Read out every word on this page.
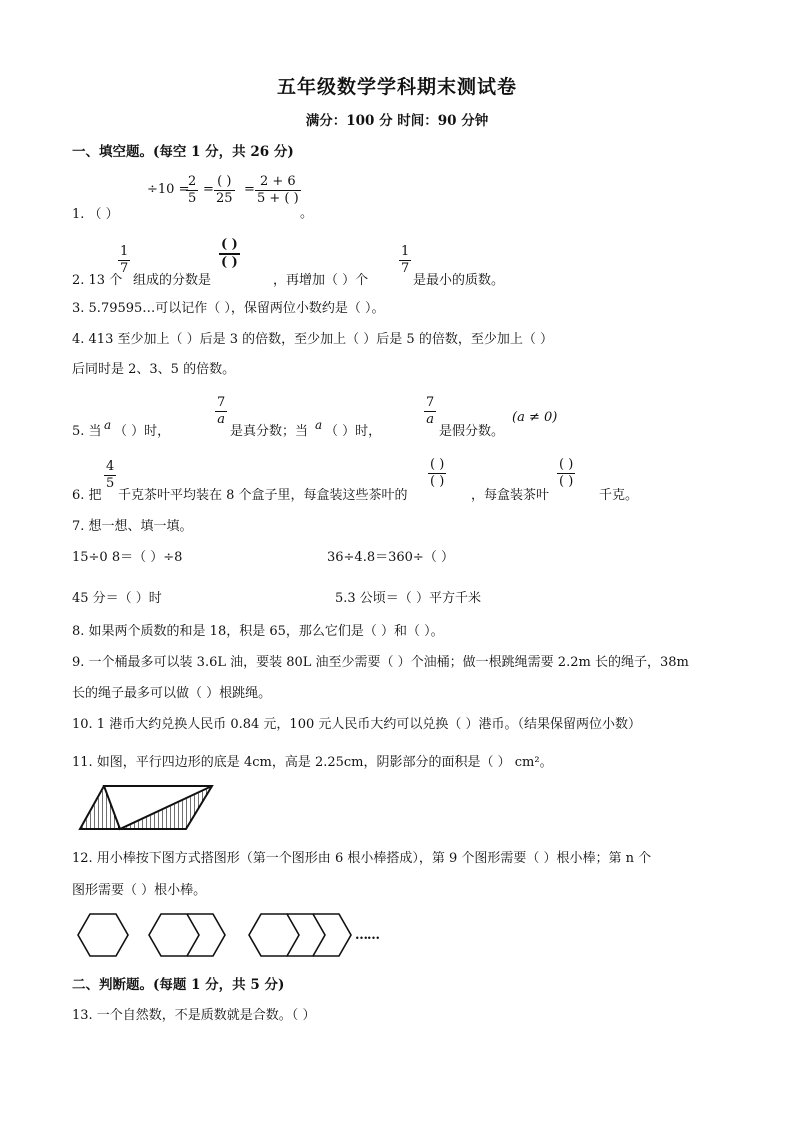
五年级数学学科期末测试卷
满分：100 分 时间：90 分钟
一、填空题。(每空 1 分，共 26 分)
1. （ ）
÷10 =
$\frac{2}{5}$ =
( )
25
= $\frac{2 + 6}{5 + ( )}$
。
2. 13 个
$\frac{1}{7}$
组成的分数是
( )
( )
，再增加（ ）个
$\frac{1}{7}$
是最小的质数。
3. 5.79595…可以记作（ ），保留两位小数约是（ ）。
4. 413 至少加上（ ）后是 3 的倍数，至少加上（ ）后是 5 的倍数，至少加上（ ）
后同时是 2、3、5 的倍数。
5. 当 a （ ）时，
$\frac{7}{a}$
是真分数；当 a （ ）时，
$\frac{7}{a}$
是假分数。
(a ≠ 0)
6. 把
$\frac{4}{5}$
千克茶叶平均装在 8 个盒子里，每盒装这些茶叶的
( )
( )
，每盒装茶叶
( )
( )
千克。
7. 想一想、填一填。
15÷0 8＝（ ）÷8	36÷4.8＝360÷（ ）
45 分＝（ ）时	5.3 公顷＝（ ）平方千米
8. 如果两个质数的和是 18，积是 65，那么它们是（ ）和（ ）。
9. 一个桶最多可以装 3.6L 油，要装 80L 油至少需要（ ）个油桶；做一根跳绳需要 2.2m 长的绳子，38m
长的绳子最多可以做（ ）根跳绳。
10. 1 港币大约兑换人民币 0.84 元，100 元人民币大约可以兑换（ ）港币。（结果保留两位小数）
11. 如图，平行四边形的底是 4cm，高是 2.25cm，阴影部分的面积是（ ） cm²。
12. 用小棒按下图方式搭图形（第一个图形由 6 根小棒搭成），第 9 个图形需要（ ）根小棒；第 n 个
图形需要（ ）根小棒。
……
二、判断题。(每题 1 分，共 5 分)
13. 一个自然数，不是质数就是合数。（ ）
